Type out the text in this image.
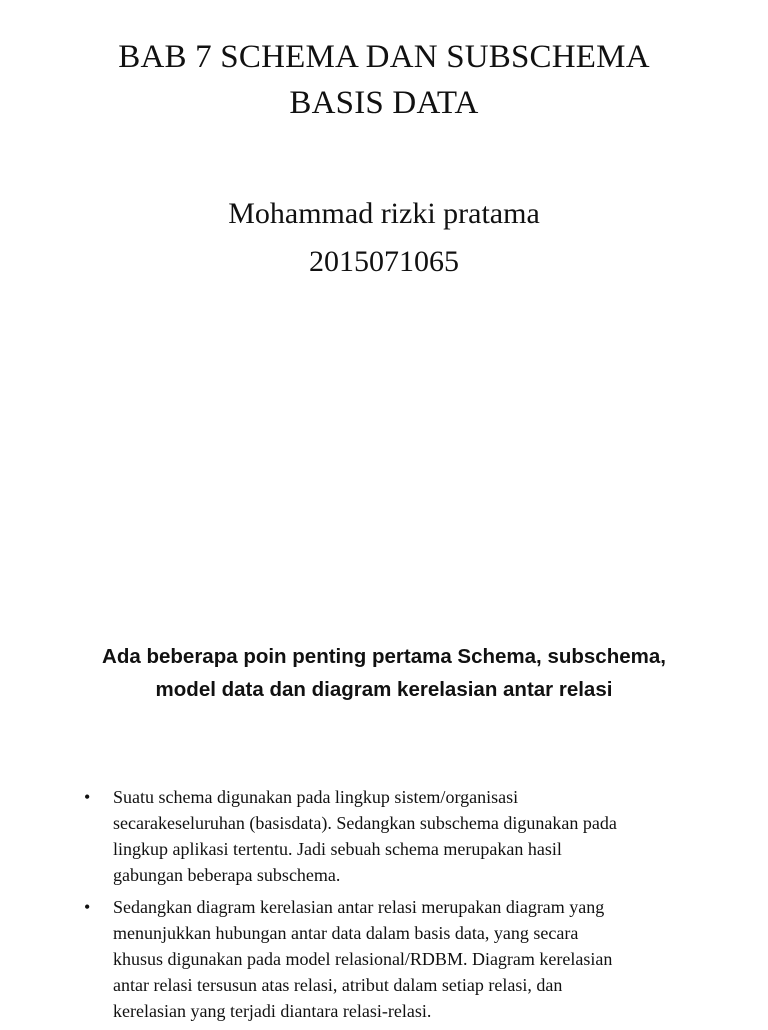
BAB 7 SCHEMA DAN SUBSCHEMA
BASIS DATA
Mohammad rizki pratama
2015071065
Ada beberapa poin penting pertama Schema, subschema,
model data dan diagram kerelasian antar relasi
• Suatu schema digunakan pada lingkup sistem/organisasi
secarakeseluruhan (basisdata). Sedangkan subschema digunakan pada
lingkup aplikasi tertentu. Jadi sebuah schema merupakan hasil
gabungan beberapa subschema.
• Sedangkan diagram kerelasian antar relasi merupakan diagram yang
menunjukkan hubungan antar data dalam basis data, yang secara
khusus digunakan pada model relasional/RDBM. Diagram kerelasian
antar relasi tersusun atas relasi, atribut dalam setiap relasi, dan
kerelasian yang terjadi diantara relasi-relasi.
